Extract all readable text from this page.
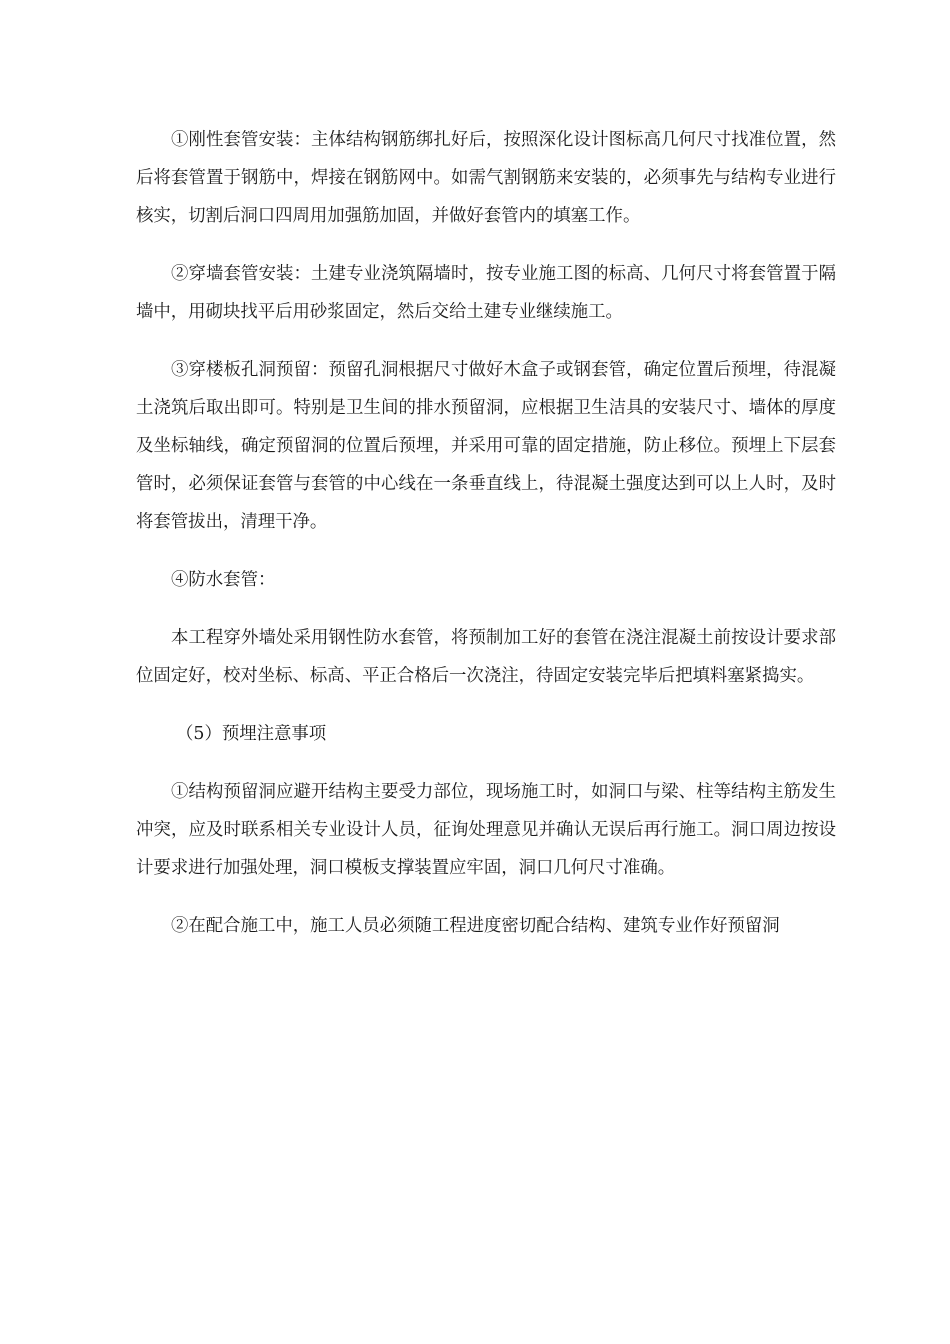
①刚性套管安装：主体结构钢筋绑扎好后，按照深化设计图标高几何尺寸找准位置，然后将套管置于钢筋中，焊接在钢筋网中。如需气割钢筋来安装的，必须事先与结构专业进行核实，切割后洞口四周用加强筋加固，并做好套管内的填塞工作。

②穿墙套管安装：土建专业浇筑隔墙时，按专业施工图的标高、几何尺寸将套管置于隔墙中，用砌块找平后用砂浆固定，然后交给土建专业继续施工。

③穿楼板孔洞预留：预留孔洞根据尺寸做好木盒子或钢套管，确定位置后预埋，待混凝土浇筑后取出即可。特别是卫生间的排水预留洞，应根据卫生洁具的安装尺寸、墙体的厚度及坐标轴线，确定预留洞的位置后预埋，并采用可靠的固定措施，防止移位。预埋上下层套管时，必须保证套管与套管的中心线在一条垂直线上，待混凝土强度达到可以上人时，及时将套管拔出，清理干净。

④防水套管：

本工程穿外墙处采用钢性防水套管，将预制加工好的套管在浇注混凝土前按设计要求部位固定好，校对坐标、标高、平正合格后一次浇注，待固定安装完毕后把填料塞紧捣实。

（5）预埋注意事项

①结构预留洞应避开结构主要受力部位，现场施工时，如洞口与梁、柱等结构主筋发生冲突，应及时联系相关专业设计人员，征询处理意见并确认无误后再行施工。洞口周边按设计要求进行加强处理，洞口模板支撑装置应牢固，洞口几何尺寸准确。

②在配合施工中，施工人员必须随工程进度密切配合结构、建筑专业作好预留洞
